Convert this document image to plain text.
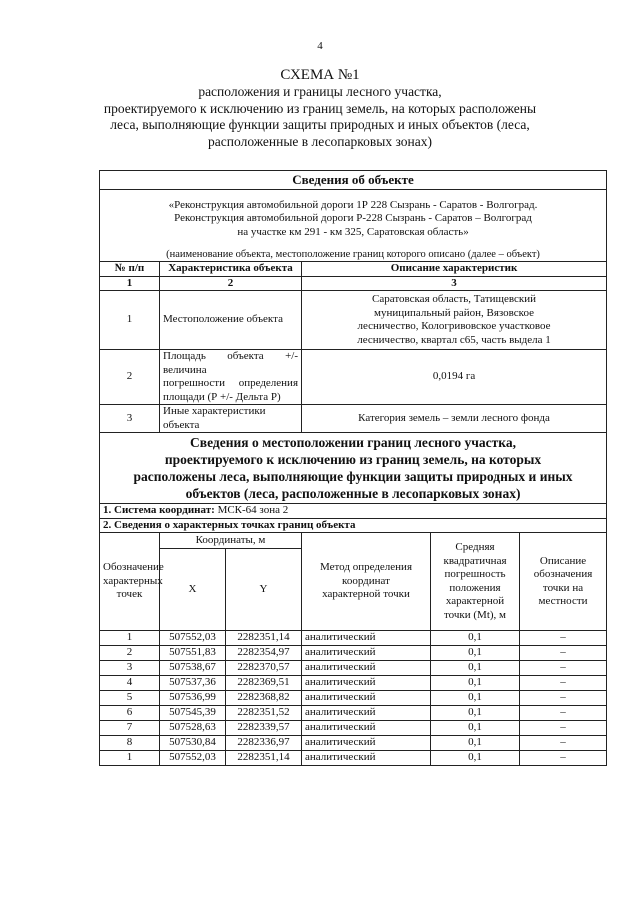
4
СХЕМА №1
расположения и границы лесного участка,
проектируемого к исключению из границ земель, на которых расположены
леса, выполняющие функции защиты природных и иных объектов (леса,
расположенные в лесопарковых зонах)
Сведения об объекте					

«Реконструкция автомобильной дороги 1Р 228 Сызрань - Саратов - Волгоград.
Реконструкция автомобильной дороги Р-228 Сызрань - Саратов – Волгоград
на участке км 291 - км 325, Саратовская область»					

(наименование объекта, местоположение границ которого описано (далее – объект)					
№ п/п	Характеристика объекта		Описание характеристик		
1	2		3		
1	Местоположение объекта		Саратовская область, Татищевский
муниципальный район, Вязовское
лесничество, Кологривовское участковое
лесничество, квартал с65, часть выдела 1		

2	Площадь объекта +/- величина
погрешности определения
площади (Р +/- Дельта Р)		0,0194 га		
3	Иные характеристики объекта		Категория земель – земли лесного фонда		

Сведения о местоположении границ лесного участка,
проектируемого к исключению из границ земель, на которых
расположены леса, выполняющие функции защиты природных и иных
объектов (леса, расположенные в лесопарковых зонах)					

1. Система координат: МСК-64 зона 2					
2. Сведения о характерных точках границ объекта					
Обозначение характерных точек	Координаты, м		Метод определения координат характерной точки	Средняя квадратичная погрешность положения характерной точки (Mt), м	Описание обозначения точки на местности
	X	Y			
1	507552,03	2282351,14	аналитический	0,1	–
2	507551,83	2282354,97	аналитический	0,1	–
3	507538,67	2282370,57	аналитический	0,1	–
4	507537,36	2282369,51	аналитический	0,1	–
5	507536,99	2282368,82	аналитический	0,1	–
6	507545,39	2282351,52	аналитический	0,1	–
7	507528,63	2282339,57	аналитический	0,1	–
8	507530,84	2282336,97	аналитический	0,1	–
1	507552,03	2282351,14	аналитический	0,1	–
